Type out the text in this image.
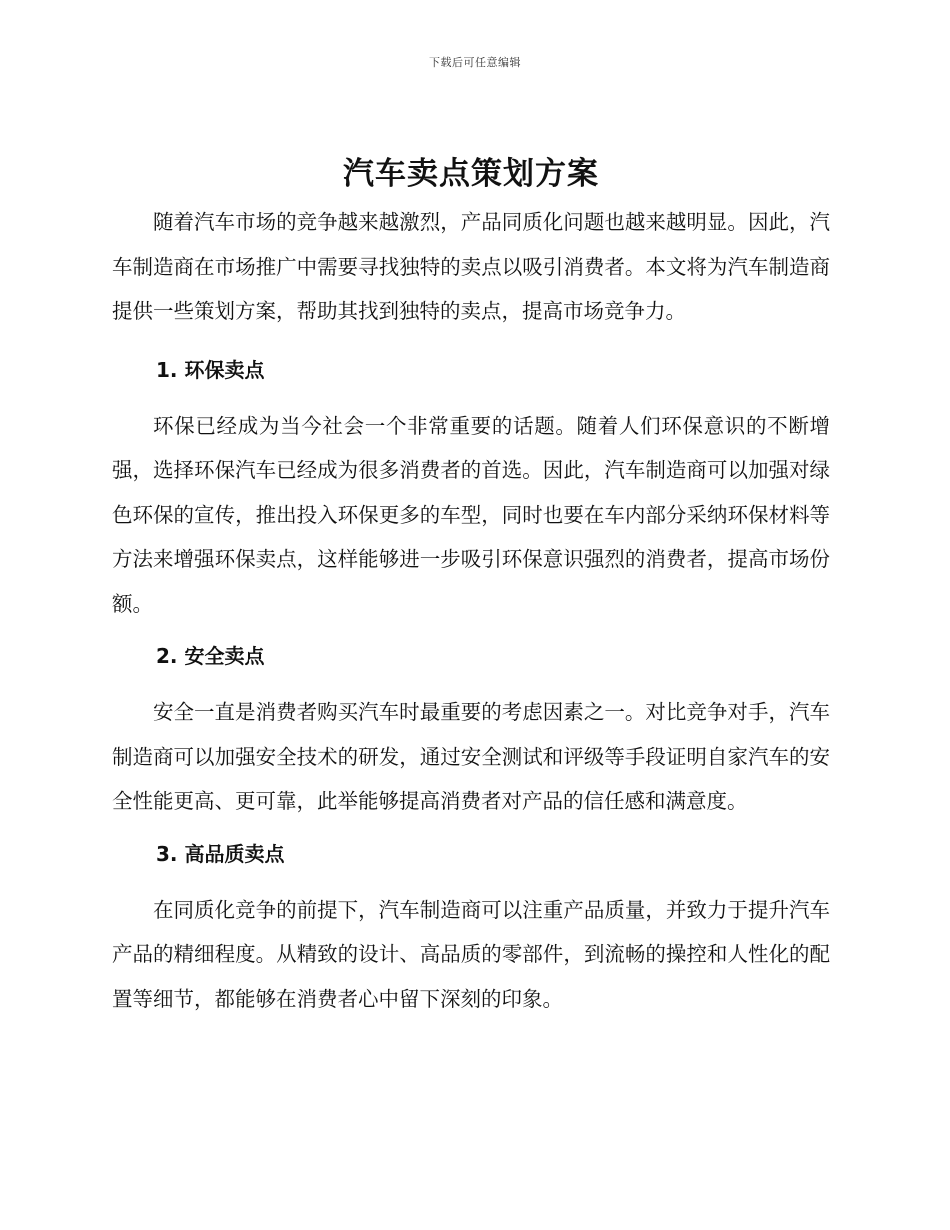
下载后可任意编辑
汽车卖点策划方案

随着汽车市场的竞争越来越激烈，产品同质化问题也越来越明显。因此，汽车制造商在市场推广中需要寻找独特的卖点以吸引消费者。本文将为汽车制造商提供一些策划方案，帮助其找到独特的卖点，提高市场竞争力。

1. 环保卖点

环保已经成为当今社会一个非常重要的话题。随着人们环保意识的不断增强，选择环保汽车已经成为很多消费者的首选。因此，汽车制造商可以加强对绿色环保的宣传，推出投入环保更多的车型，同时也要在车内部分采纳环保材料等方法来增强环保卖点，这样能够进一步吸引环保意识强烈的消费者，提高市场份额。

2. 安全卖点

安全一直是消费者购买汽车时最重要的考虑因素之一。对比竞争对手，汽车制造商可以加强安全技术的研发，通过安全测试和评级等手段证明自家汽车的安全性能更高、更可靠，此举能够提高消费者对产品的信任感和满意度。

3. 高品质卖点

在同质化竞争的前提下，汽车制造商可以注重产品质量，并致力于提升汽车产品的精细程度。从精致的设计、高品质的零部件，到流畅的操控和人性化的配置等细节，都能够在消费者心中留下深刻的印象。
